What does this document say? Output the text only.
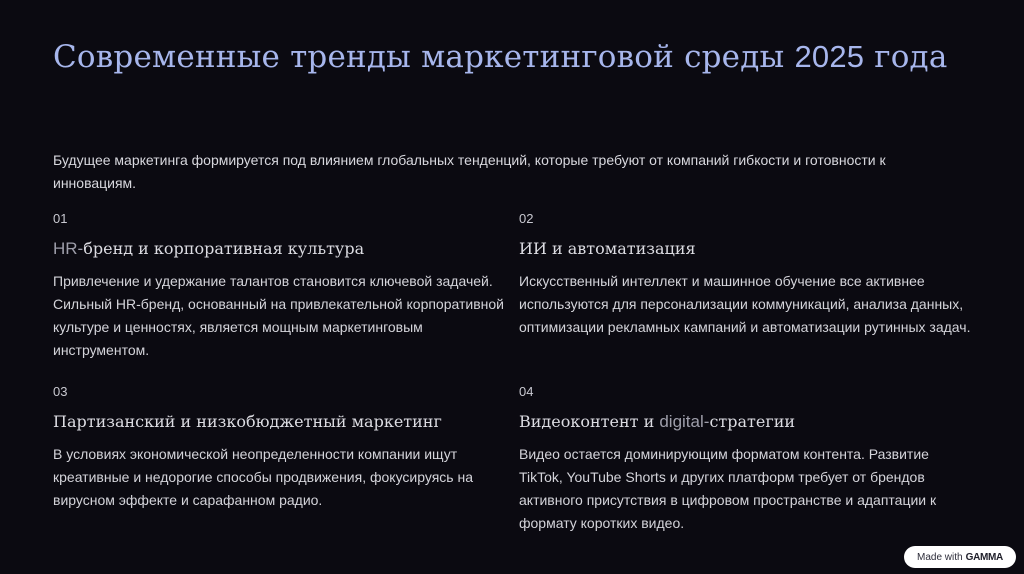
Современные тренды маркетинговой среды 2025 года

Будущее маркетинга формируется под влиянием глобальных тенденций, которые требуют от компаний гибкости и готовности к инновациям.

01
HR-бренд и корпоративная культура
Привлечение и удержание талантов становится ключевой задачей. Сильный HR-бренд, основанный на привлекательной корпоративной культуре и ценностях, является мощным маркетинговым инструментом.
02
ИИ и автоматизация
Искусственный интеллект и машинное обучение все активнее используются для персонализации коммуникаций, анализа данных, оптимизации рекламных кампаний и автоматизации рутинных задач.
03
Партизанский и низкобюджетный маркетинг
В условиях экономической неопределенности компании ищут креативные и недорогие способы продвижения, фокусируясь на вирусном эффекте и сарафанном радио.
04
Видеоконтент и digital-стратегии
Видео остается доминирующим форматом контента. Развитие TikTok, YouTube Shorts и других платформ требует от брендов активного присутствия в цифровом пространстве и адаптации к формату коротких видео.
Made with GAMMA
